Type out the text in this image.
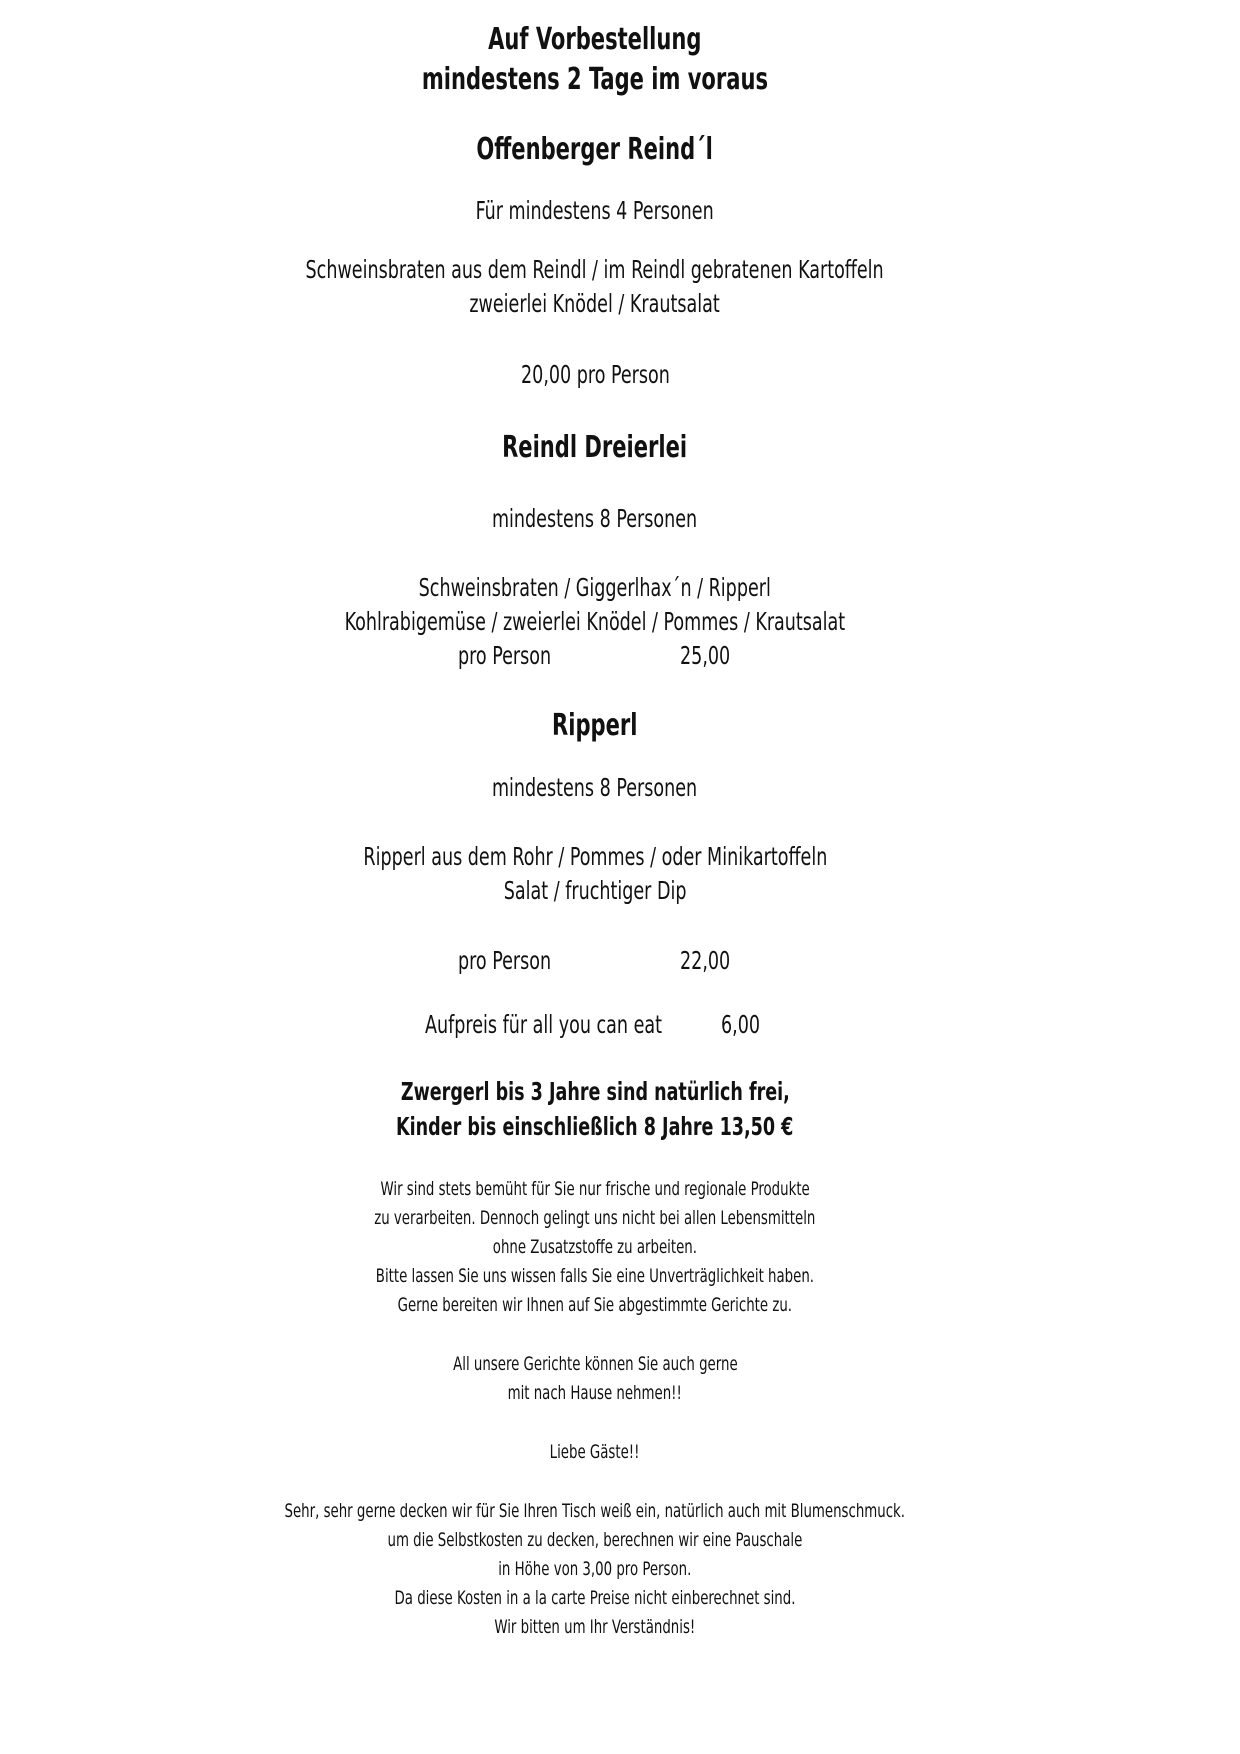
Auf Vorbestellung
mindestens 2 Tage im voraus
Offenberger Reind´l
Für mindestens 4 Personen
Schweinsbraten aus dem Reindl / im Reindl gebratenen Kartoffeln
zweierlei Knödel / Krautsalat
20,00 pro Person
Reindl Dreierlei
mindestens 8 Personen
Schweinsbraten / Giggerlhax´n / Ripperl
Kohlrabigemüse / zweierlei Knödel / Pommes / Krautsalat
pro Person	25,00
Ripperl
mindestens 8 Personen
Ripperl aus dem Rohr / Pommes / oder Minikartoffeln
Salat / fruchtiger Dip
pro Person	22,00
Aufpreis für all you can eat 6,00
Zwergerl bis 3 Jahre sind natürlich frei,
Kinder bis einschließlich 8 Jahre 13,50 €
Wir sind stets bemüht für Sie nur frische und regionale Produkte
zu verarbeiten. Dennoch gelingt uns nicht bei allen Lebensmitteln
ohne Zusatzstoffe zu arbeiten.
Bitte lassen Sie uns wissen falls Sie eine Unverträglichkeit haben.
Gerne bereiten wir Ihnen auf Sie abgestimmte Gerichte zu.
All unsere Gerichte können Sie auch gerne
mit nach Hause nehmen!!
Liebe Gäste!!
Sehr, sehr gerne decken wir für Sie Ihren Tisch weiß ein, natürlich auch mit Blumenschmuck.
um die Selbstkosten zu decken, berechnen wir eine Pauschale
in Höhe von 3,00 pro Person.
Da diese Kosten in a la carte Preise nicht einberechnet sind.
Wir bitten um Ihr Verständnis!
